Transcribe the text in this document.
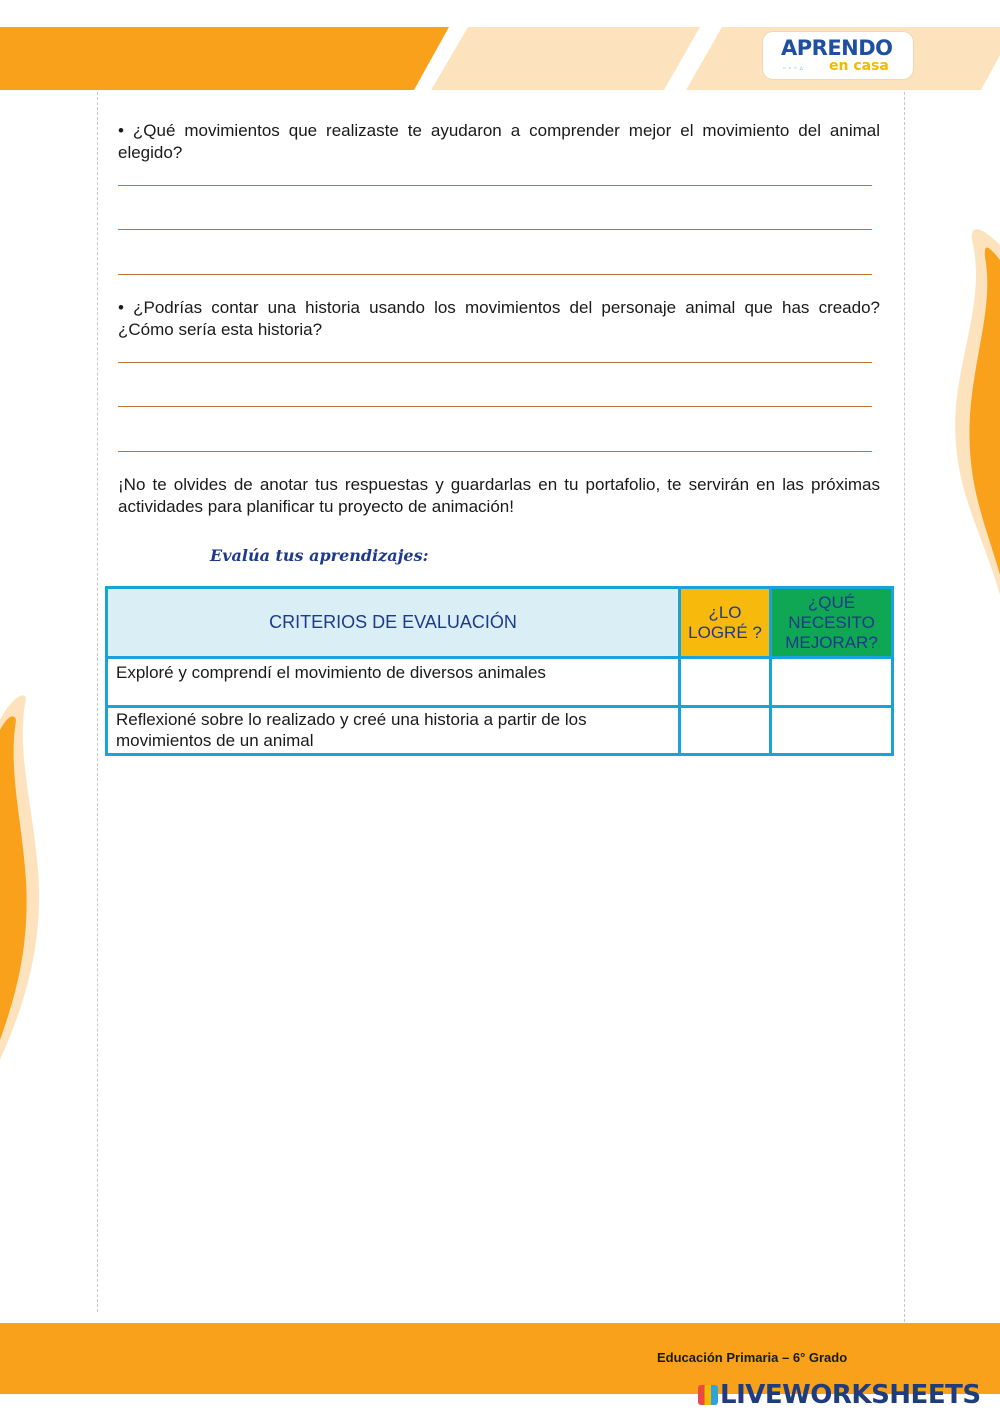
APRENDO
▫▫▫▵ en casa
• ¿Qué movimientos que realizaste te ayudaron a comprender mejor el movimiento del animal elegido?
• ¿Podrías contar una historia usando los movimientos del personaje animal que has creado? ¿Cómo sería esta historia?
¡No te olvides de anotar tus respuestas y guardarlas en tu portafolio, te servirán en las próximas actividades para planificar tu proyecto de animación!
Evalúa tus aprendizajes:
CRITERIOS DE EVALUACIÓN	¿LO LOGRÉ ?	¿QUÉ NECESITO MEJORAR?
Exploré y comprendí el movimiento de diversos animales		
Reflexioné sobre lo realizado y creé una historia a partir de los movimientos de un animal		
Educación Primaria – 6° Grado
LIVEWORKSHEETS
